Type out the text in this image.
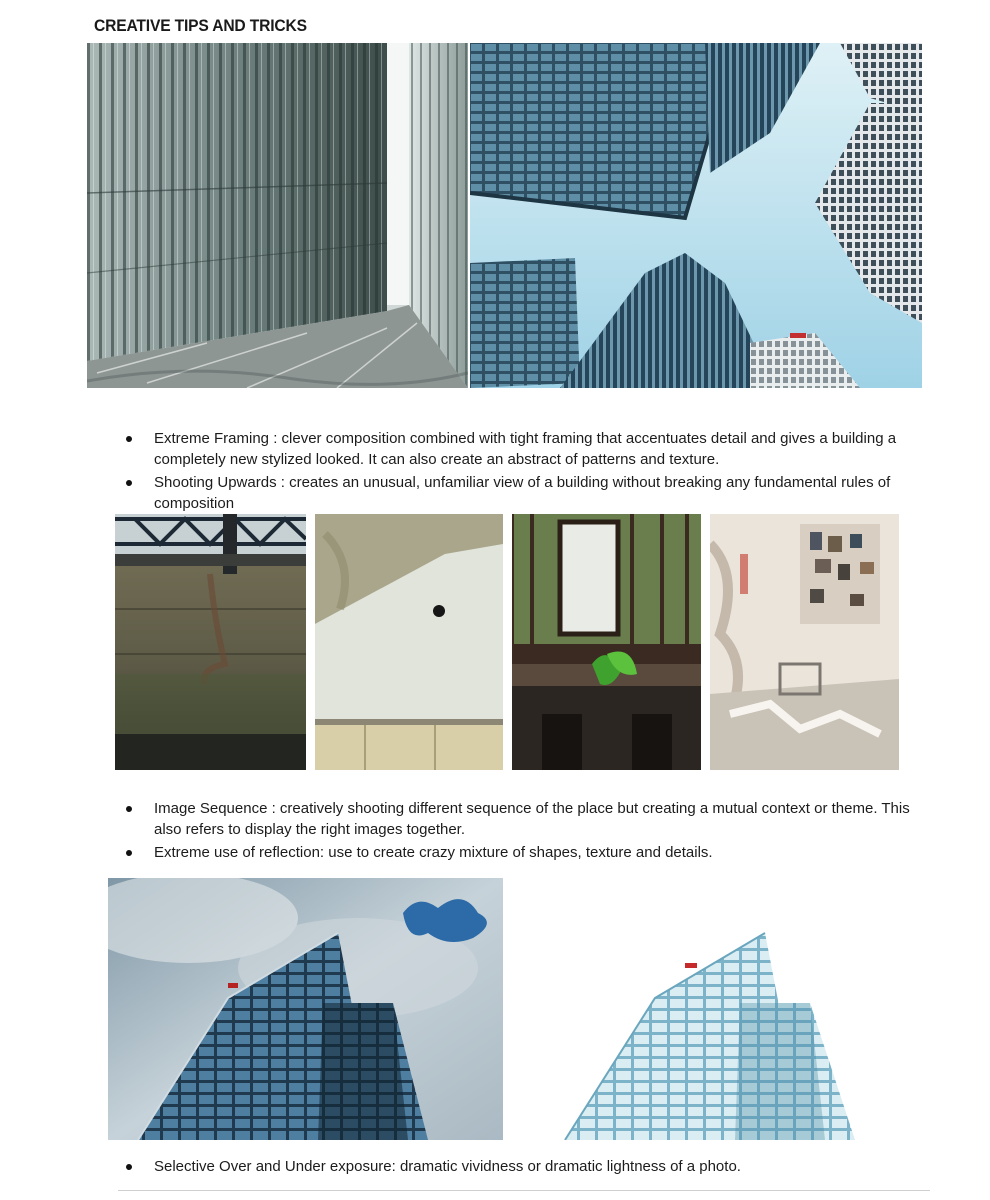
CREATIVE TIPS AND TRICKS
Extreme Framing : clever composition combined with tight framing that accentuates detail and gives a building a completely new stylized looked. It can also create an abstract of patterns and texture.
Shooting Upwards : creates an unusual, unfamiliar view of a building without breaking any fundamental rules of composition
Image Sequence : creatively shooting different sequence of the place but creating a mutual context or theme. This also refers to display the right images together.
Extreme use of reflection: use to create crazy mixture of shapes, texture and details.
Selective Over and Under exposure: dramatic vividness or dramatic lightness of a photo.
